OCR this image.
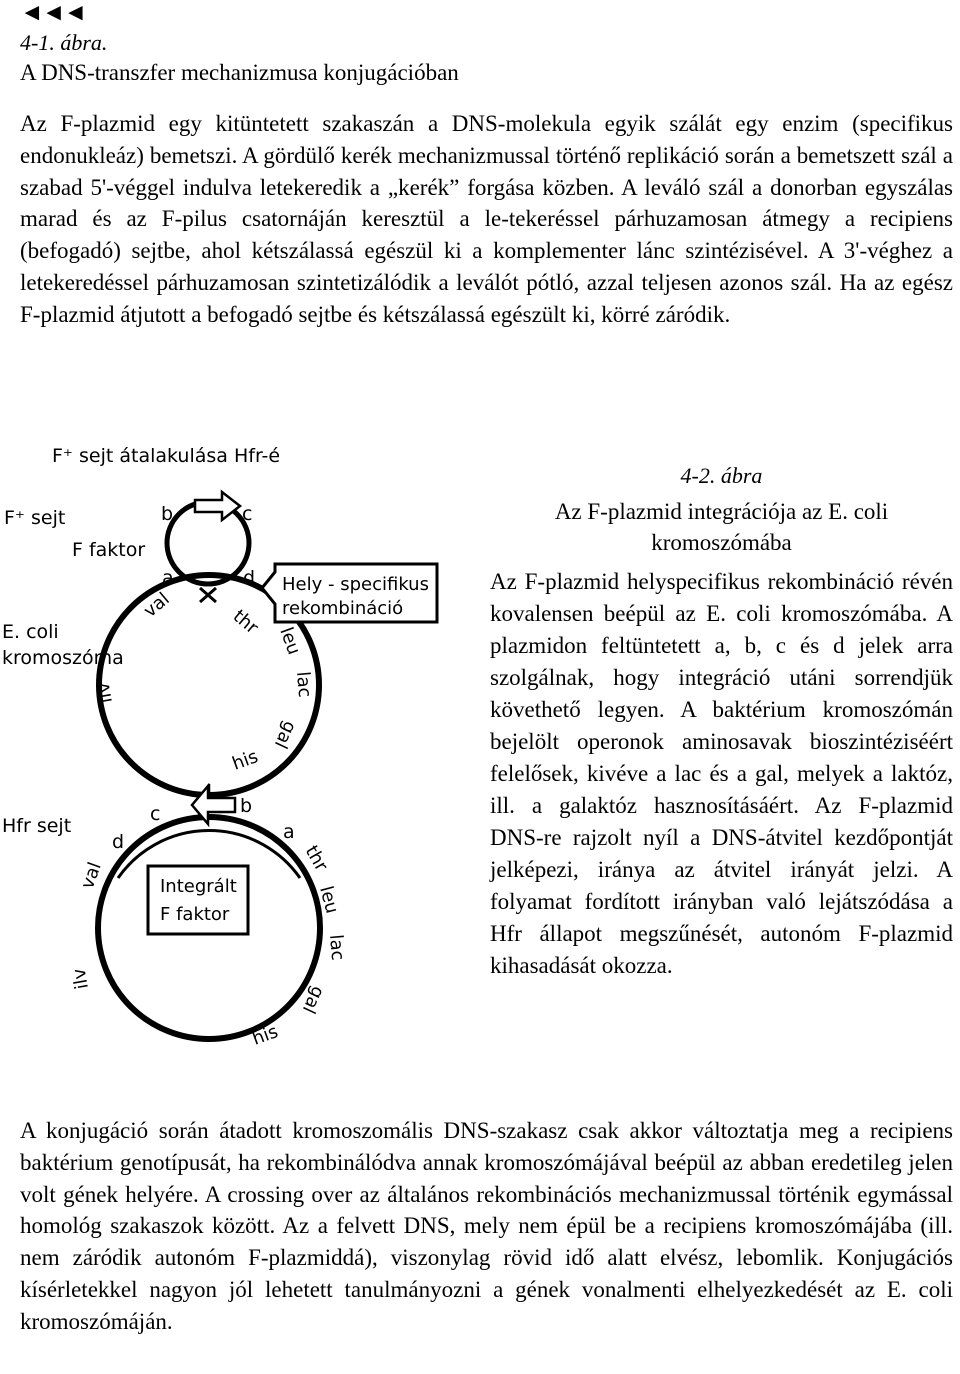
◄◄◄
4-1. ábra.
A DNS-transzfer mechanizmusa konjugációban

Az F-plazmid egy kitüntetett szakaszán a DNS-molekula egyik szálát egy enzim (specifikus endonukleáz) bemetszi. A gördülő kerék mechanizmussal történő replikáció során a bemetszett szál a szabad 5'-véggel indulva letekeredik a „kerék” forgása közben. A leváló szál a donorban egyszálas marad és az F-pilus csatornáján keresztül a le-tekeréssel párhuzamosan átmegy a recipiens (befogadó) sejtbe, ahol kétszálassá egészül ki a komplementer lánc szintézisével. A 3'-véghez a letekeredéssel párhuzamosan szintetizálódik a leválót pótló, azzal teljesen azonos szál. Ha az egész F-plazmid átjutott a befogadó sejtbe és kétszálassá egészült ki, körré záródik.

F⁺ sejt átalakulása Hfr-é
F⁺ sejt
F faktor
E. coli
kromoszóma
b	c
a	d Hely - specifikus
rekombináció
val
thr
leu
lac
gal
his
ilv
Integrált
F faktor
Hfr sejt
c	b
d	a
val
thr
leu
lac
gal
his
ilv
4-2. ábra
Az F-plazmid integrációja az E. coli kromoszómába

Az F-plazmid helyspecifikus rekombináció révén kovalensen beépül az E. coli kromoszómába. A plazmidon feltüntetett a, b, c és d jelek arra szolgálnak, hogy integráció utáni sorrendjük követhető legyen. A baktérium kromoszómán bejelölt operonok aminosavak bioszintéziséért felelősek, kivéve a lac és a gal, melyek a laktóz, ill. a galaktóz hasznosításáért. Az F-plazmid DNS-re rajzolt nyíl a DNS-átvitel kezdőpontját jelképezi, iránya az átvitel irányát jelzi. A folyamat fordított irányban való lejátszódása a Hfr állapot megszűnését, autonóm F-plazmid kihasadását okozza.

A konjugáció során átadott kromoszomális DNS-szakasz csak akkor változtatja meg a recipiens baktérium genotípusát, ha rekombinálódva annak kromoszómájával beépül az abban eredetileg jelen volt gének helyére. A crossing over az általános rekombinációs mechanizmussal történik egymással homológ szakaszok között. Az a felvett DNS, mely nem épül be a recipiens kromoszómájába (ill. nem záródik autonóm F-plazmiddá), viszonylag rövid idő alatt elvész, lebomlik. Konjugációs kísérletekkel nagyon jól lehetett tanulmányozni a gének vonalmenti elhelyezkedését az E. coli kromoszómáján.
